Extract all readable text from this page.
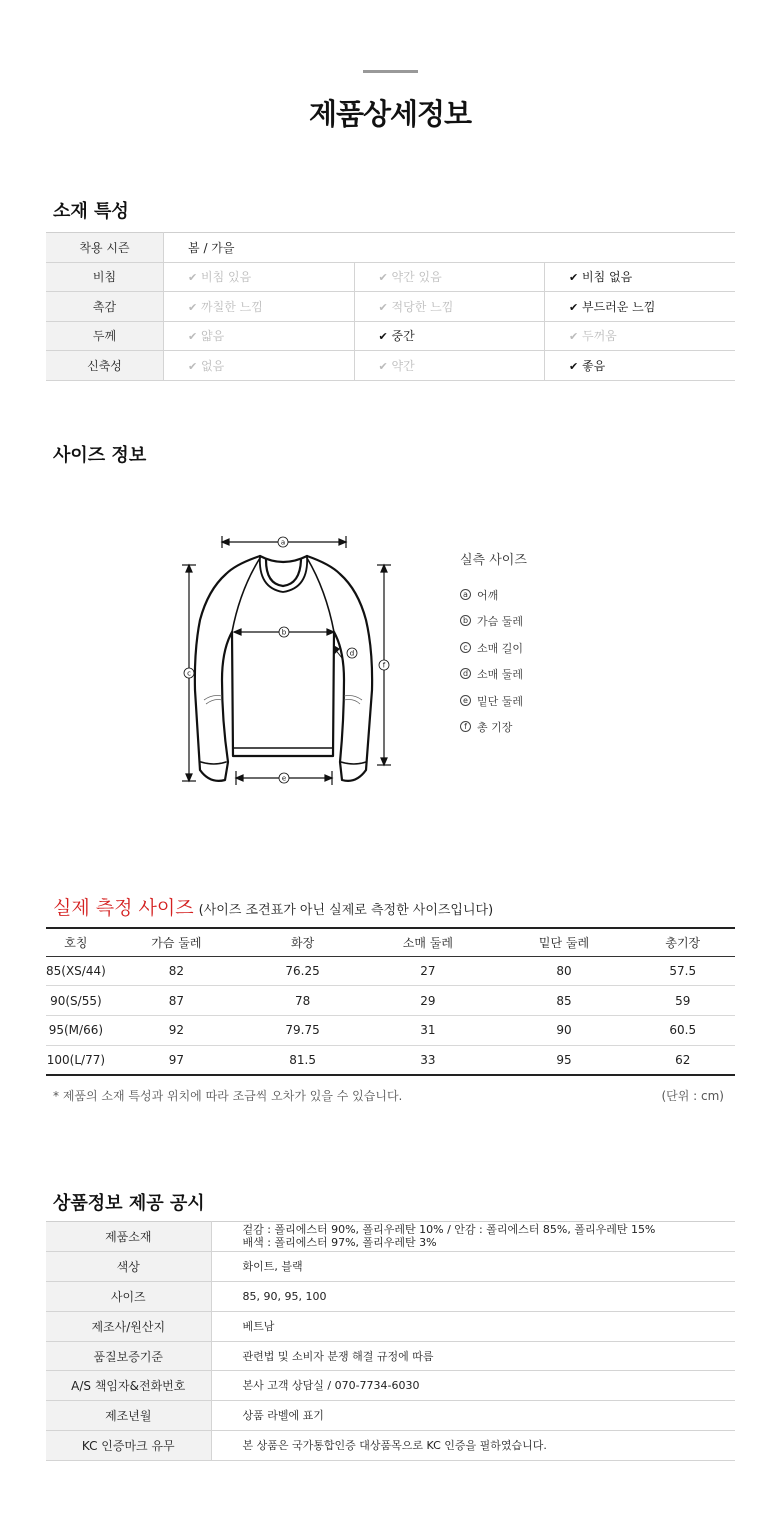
제품상세정보
소재 특성
착용 시즌	봄 / 가을		
비침	✔ 비침 있음	✔ 약간 있음	✔ 비침 없음
촉감	✔ 까칠한 느낌	✔ 적당한 느낌	✔ 부드러운 느낌
두께	✔ 얇음	✔ 중간	✔ 두꺼움
신축성	✔ 없음	✔ 약간	✔ 좋음
사이즈 정보
a
b
c
d
e
f
실측 사이즈
a 어깨
b 가슴 둘레
c 소매 길이
d 소매 둘레
e 밑단 둘레
f 총 기장
실제 측정 사이즈 (사이즈 조견표가 아닌 실제로 측정한 사이즈입니다)
호칭	가슴 둘레	화장	소매 둘레	밑단 둘레	총기장
85(XS/44)	82	76.25	27	80	57.5
90(S/55)	87	78	29	85	59
95(M/66)	92	79.75	31	90	60.5
100(L/77)	97	81.5	33	95	62
* 제품의 소재 특성과 위치에 따라 조금씩 오차가 있을 수 있습니다.	(단위 : cm)
상품정보 제공 공시
제품소재	겉감 : 폴리에스터 90%, 폴리우레탄 10% / 안감 : 폴리에스터 85%, 폴리우레탄 15%
배색 : 폴리에스터 97%, 폴리우레탄 3%

색상	화이트, 블랙

사이즈	85, 90, 95, 100

제조사/원산지	베트남

품질보증기준	관련법 및 소비자 분쟁 해결 규정에 따름

A/S 책임자&전화번호	본사 고객 상담실 / 070-7734-6030

제조년월	상품 라벨에 표기

KC 인증마크 유무	본 상품은 국가통합인증 대상품목으로 KC 인증을 필하였습니다.
